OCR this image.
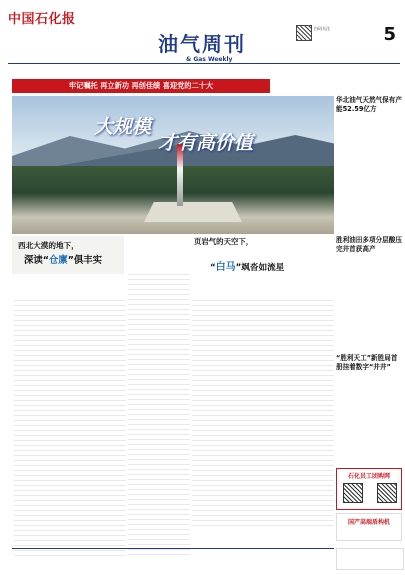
中国石化报
油气周刊
& Gas Weekly
扫码关注	5
牢记嘱托 再立新功 再创佳绩 喜迎党的二十大
大规模
才有高价值
西北大漠的地下，
深读“仓廪”俱丰实
页岩气的天空下，
“白马”飒沓如流星
华北油气天然气保有产能52.59亿方
胜利油田多项分层酸压完井首获高产
“胜利天工”新胜局首册挂着数字“井井”
石化员工团购网
国产高端盾构机
